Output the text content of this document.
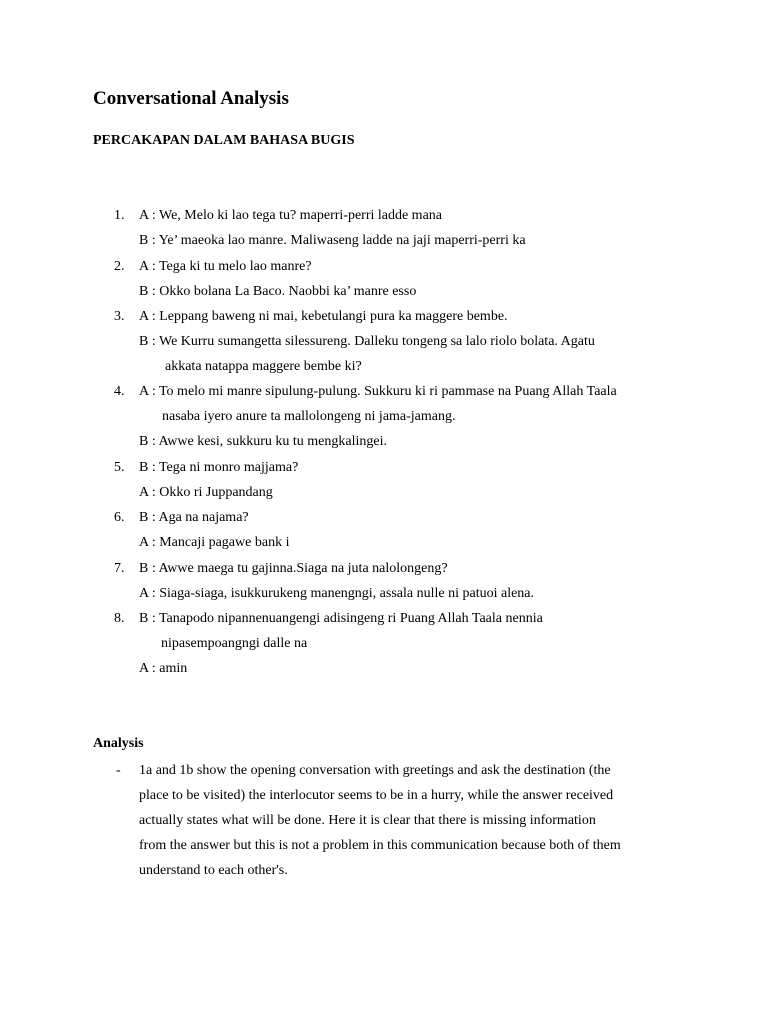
Conversational Analysis
PERCAKAPAN DALAM BAHASA BUGIS
1. A : We, Melo ki lao tega tu? maperri-perri ladde mana
B : Ye’ maeoka lao manre. Maliwaseng ladde na jaji maperri-perri ka
2. A : Tega ki tu melo lao manre?
B : Okko bolana La Baco. Naobbi ka’ manre esso
3. A : Leppang baweng ni mai, kebetulangi pura ka maggere bembe.
B : We Kurru sumangetta silessureng. Dalleku tongeng sa lalo riolo bolata. Agatu
akkata natappa maggere bembe ki?
4. A : To melo mi manre sipulung-pulung. Sukkuru ki ri pammase na Puang Allah Taala
nasaba iyero anure ta mallolongeng ni jama-jamang.
B : Awwe kesi, sukkuru ku tu mengkalingei.
5. B : Tega ni monro majjama?
A : Okko ri Juppandang
6. B : Aga na najama?
A : Mancaji pagawe bank i
7. B : Awwe maega tu gajinna.Siaga na juta nalolongeng?
A : Siaga-siaga, isukkurukeng manengngi, assala nulle ni patuoi alena.
8. B : Tanapodo nipannenuangengi adisingeng ri Puang Allah Taala nennia
nipasempoangngi dalle na
A : amin
Analysis
- 1a and 1b show the opening conversation with greetings and ask the destination (the
place to be visited) the interlocutor seems to be in a hurry, while the answer received
actually states what will be done. Here it is clear that there is missing information
from the answer but this is not a problem in this communication because both of them
understand to each other's.
